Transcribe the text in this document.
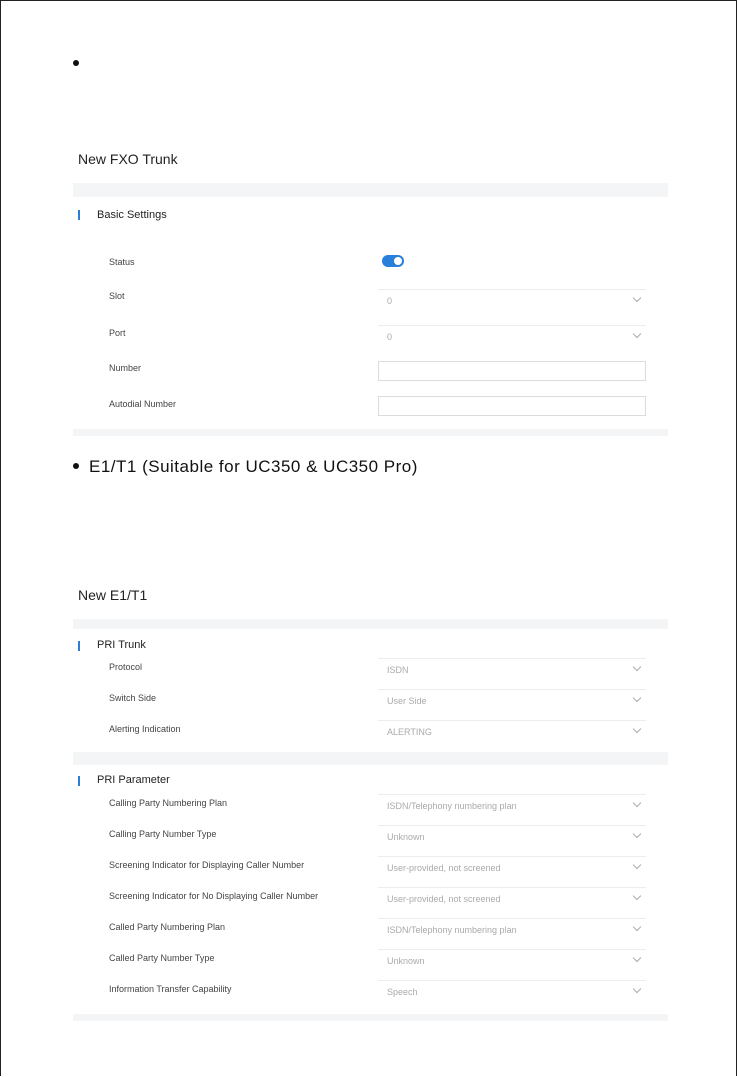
New FXO Trunk
Basic Settings
Status
Slot	0
Port	0
Number
Autodial Number
E1/T1 (Suitable for UC350 & UC350 Pro)
New E1/T1
PRI Trunk
Protocol	ISDN
Switch Side	User Side
Alerting Indication	ALERTING
PRI Parameter
Calling Party Numbering Plan	ISDN/Telephony numbering plan
Calling Party Number Type	Unknown
Screening Indicator for Displaying Caller Number	User-provided, not screened
Screening Indicator for No Displaying Caller Number	User-provided, not screened
Called Party Numbering Plan	ISDN/Telephony numbering plan
Called Party Number Type	Unknown
Information Transfer Capability	Speech
